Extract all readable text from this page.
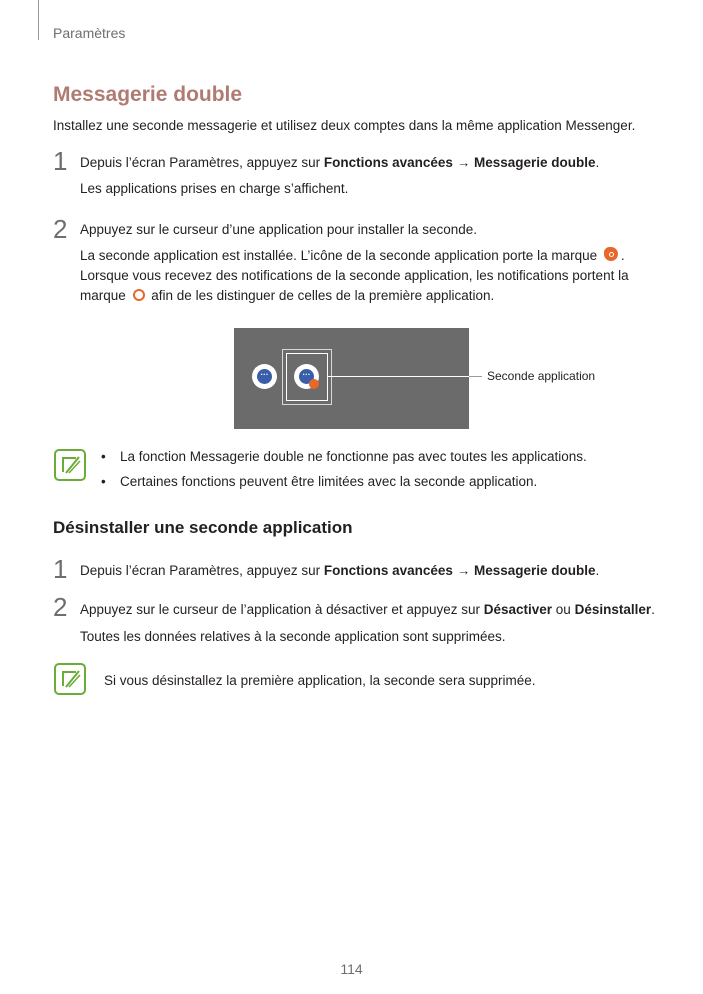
Paramètres
Messagerie double
Installez une seconde messagerie et utilisez deux comptes dans la même application Messenger.
1 Depuis l’écran Paramètres, appuyez sur Fonctions avancées → Messagerie double.
Les applications prises en charge s’affichent.
2 Appuyez sur le curseur d’une application pour installer la seconde.
La seconde application est installée. L’icône de la seconde application porte la marque .
Lorsque vous recevez des notifications de la seconde application, les notifications portent la
marque  afin de les distinguer de celles de la première application.
···	···	Seconde application
• La fonction Messagerie double ne fonctionne pas avec toutes les applications.
• Certaines fonctions peuvent être limitées avec la seconde application.
Désinstaller une seconde application
1 Depuis l’écran Paramètres, appuyez sur Fonctions avancées → Messagerie double.
2 Appuyez sur le curseur de l’application à désactiver et appuyez sur Désactiver ou Désinstaller.
Toutes les données relatives à la seconde application sont supprimées.
Si vous désinstallez la première application, la seconde sera supprimée.
114
